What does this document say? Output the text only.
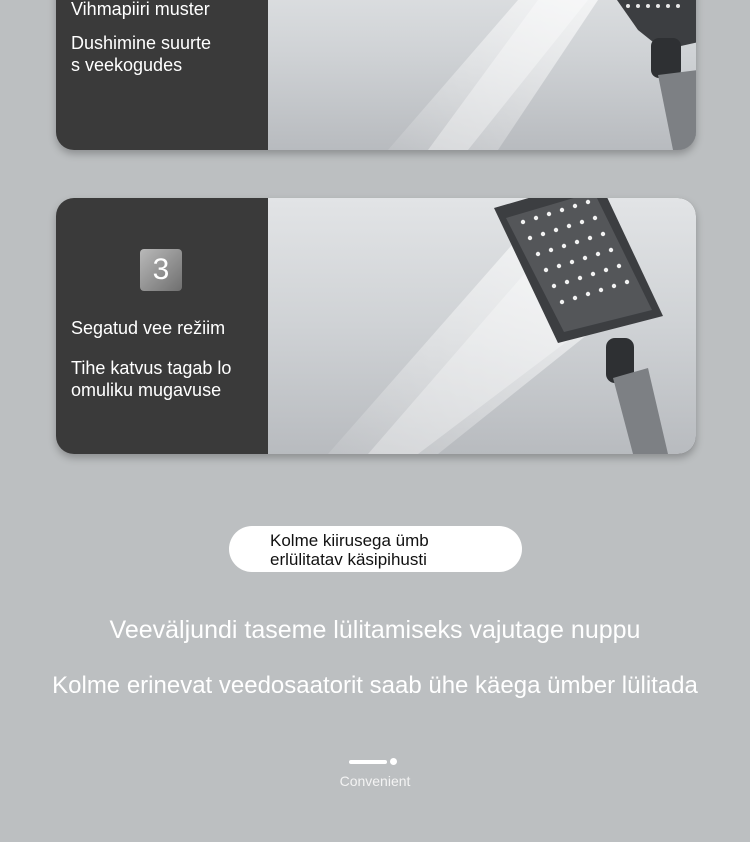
Vihmapiiri muster

Dushimine suurte
s veekogudes

3

Segatud vee režiim

Tihe katvus tagab lo
omuliku mugavuse

Kolme kiirusega ümb
erlülitatav käsipihusti
Veeväljundi taseme lülitamiseks vajutage nuppu
Kolme erinevat veedosaatorit saab ühe käega ümber lülitada
Convenient
